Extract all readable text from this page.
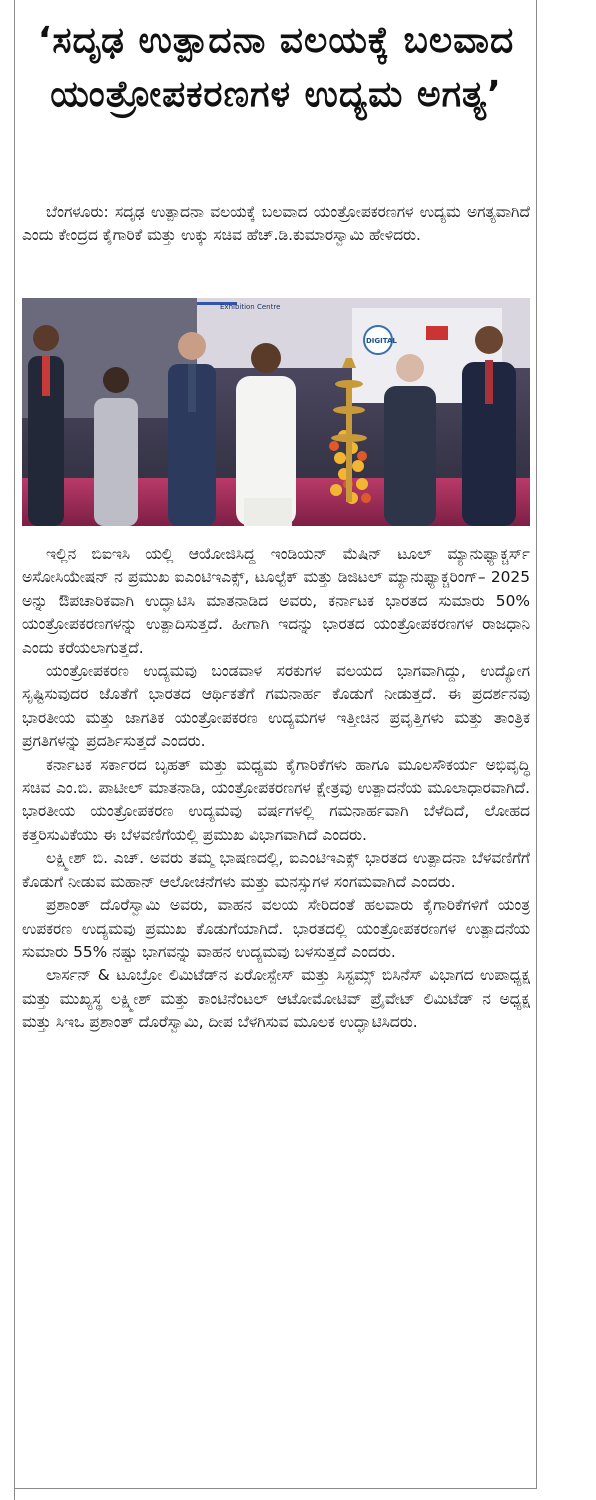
‘ಸದೃಢ ಉತ್ಪಾದನಾ ವಲಯಕ್ಕೆ ಬಲವಾದ ಯಂತ್ರೋಪಕರಣಗಳ ಉದ್ಯಮ ಅಗತ್ಯ’

ಬೆಂಗಳೂರು: ಸದೃಢ ಉತ್ಪಾದನಾ ವಲಯಕ್ಕೆ ಬಲವಾದ ಯಂತ್ರೋಪಕರಣಗಳ ಉದ್ಯಮ ಅಗತ್ಯವಾಗಿದೆ ಎಂದು ಕೇಂದ್ರದ ಕೈಗಾರಿಕೆ ಮತ್ತು ಉಕ್ಕು ಸಚಿವ ಹೆಚ್.ಡಿ.ಕುಮಾರಸ್ವಾಮಿ ಹೇಳಿದರು.

Exhibition Centre
DIGITAL

ಇಲ್ಲಿನ ಬಿಐಇಸಿ ಯಲ್ಲಿ ಆಯೋಜಿಸಿದ್ದ ಇಂಡಿಯನ್ ಮೆಷಿನ್ ಟೂಲ್ ಮ್ಯಾನುಫ್ಯಾಕ್ಚರ್ಸ್ ಅಸೋಸಿಯೇಷನ್ ನ ಪ್ರಮುಖ ಐಎಂಟಿಇಎಕ್ಸ್, ಟೂಲ್ಟೆಕ್ ಮತ್ತು ಡಿಜಿಟಲ್ ಮ್ಯಾನುಫ್ಯಾಕ್ಚರಿಂಗ್– 2025 ಅನ್ನು ಔಪಚಾರಿಕವಾಗಿ ಉದ್ಘಾಟಿಸಿ ಮಾತನಾಡಿದ ಅವರು, ಕರ್ನಾಟಕ ಭಾರತದ ಸುಮಾರು 50% ಯಂತ್ರೋಪಕರಣಗಳನ್ನು ಉತ್ಪಾದಿಸುತ್ತದೆ. ಹೀಗಾಗಿ ಇದನ್ನು ಭಾರತದ ಯಂತ್ರೋಪಕರಣಗಳ ರಾಜಧಾನಿ ಎಂದು ಕರೆಯಲಾಗುತ್ತದೆ.

ಯಂತ್ರೋಪಕರಣ ಉದ್ಯಮವು ಬಂಡವಾಳ ಸರಕುಗಳ ವಲಯದ ಭಾಗವಾಗಿದ್ದು, ಉದ್ಯೋಗ ಸೃಷ್ಟಿಸುವುದರ ಜೊತೆಗೆ ಭಾರತದ ಆರ್ಥಿಕತೆಗೆ ಗಮನಾರ್ಹ ಕೊಡುಗೆ ನೀಡುತ್ತದೆ. ಈ ಪ್ರದರ್ಶನವು ಭಾರತೀಯ ಮತ್ತು ಜಾಗತಿಕ ಯಂತ್ರೋಪಕರಣ ಉದ್ಯಮಗಳ ಇತ್ತೀಚಿನ ಪ್ರವೃತ್ತಿಗಳು ಮತ್ತು ತಾಂತ್ರಿಕ ಪ್ರಗತಿಗಳನ್ನು ಪ್ರದರ್ಶಿಸುತ್ತದೆ ಎಂದರು.

ಕರ್ನಾಟಕ ಸರ್ಕಾರದ ಬೃಹತ್ ಮತ್ತು ಮಧ್ಯಮ ಕೈಗಾರಿಕೆಗಳು ಹಾಗೂ ಮೂಲಸೌಕರ್ಯ ಅಭಿವೃದ್ಧಿ ಸಚಿವ ಎಂ.ಬಿ. ಪಾಟೀಲ್ ಮಾತನಾಡಿ, ಯಂತ್ರೋಪಕರಣಗಳ ಕ್ಷೇತ್ರವು ಉತ್ಪಾದನೆಯ ಮೂಲಾಧಾರವಾಗಿದೆ. ಭಾರತೀಯ ಯಂತ್ರೋಪಕರಣ ಉದ್ಯಮವು ವರ್ಷಗಳಲ್ಲಿ ಗಮನಾರ್ಹವಾಗಿ ಬೆಳೆದಿದೆ, ಲೋಹದ ಕತ್ತರಿಸುವಿಕೆಯು ಈ ಬೆಳವಣಿಗೆಯಲ್ಲಿ ಪ್ರಮುಖ ವಿಭಾಗವಾಗಿದೆ ಎಂದರು.

ಲಕ್ಷ್ಮೀಶ್ ಬಿ. ಎಚ್. ಅವರು ತಮ್ಮ ಭಾಷಣದಲ್ಲಿ, ಐಎಂಟಿಇಎಕ್ಸ್ ಭಾರತದ ಉತ್ಪಾದನಾ ಬೆಳವಣಿಗೆಗೆ ಕೊಡುಗೆ ನೀಡುವ ಮಹಾನ್ ಆಲೋಚನೆಗಳು ಮತ್ತು ಮನಸ್ಸುಗಳ ಸಂಗಮವಾಗಿದೆ ಎಂದರು.

ಪ್ರಶಾಂತ್ ದೊರೆಸ್ವಾಮಿ ಅವರು, ವಾಹನ ವಲಯ ಸೇರಿದಂತೆ ಹಲವಾರು ಕೈಗಾರಿಕೆಗಳಿಗೆ ಯಂತ್ರ ಉಪಕರಣ ಉದ್ಯಮವು ಪ್ರಮುಖ ಕೊಡುಗೆಯಾಗಿದೆ. ಭಾರತದಲ್ಲಿ ಯಂತ್ರೋಪಕರಣಗಳ ಉತ್ಪಾದನೆಯ ಸುಮಾರು 55% ನಷ್ಟು ಭಾಗವನ್ನು ವಾಹನ ಉದ್ಯಮವು ಬಳಸುತ್ತದೆ ಎಂದರು.

ಲಾರ್ಸನ್ & ಟೂಬ್ರೋ ಲಿಮಿಟೆಡ್‌ನ ಏರೋಸ್ಪೇಸ್ ಮತ್ತು ಸಿಸ್ಟಮ್ಸ್ ಬಿಸಿನೆಸ್ ವಿಭಾಗದ ಉಪಾಧ್ಯಕ್ಷ ಮತ್ತು ಮುಖ್ಯಸ್ಥ ಲಕ್ಷ್ಮೀಶ್ ಮತ್ತು ಕಾಂಟಿನೆಂಟಲ್ ಆಟೋಮೋಟಿವ್ ಪ್ರೈವೇಟ್ ಲಿಮಿಟೆಡ್ ನ ಅಧ್ಯಕ್ಷ ಮತ್ತು ಸಿಇಒ ಪ್ರಶಾಂತ್ ದೊರೆಸ್ವಾಮಿ, ದೀಪ ಬೆಳಗಿಸುವ ಮೂಲಕ ಉದ್ಘಾಟಿಸಿದರು.
